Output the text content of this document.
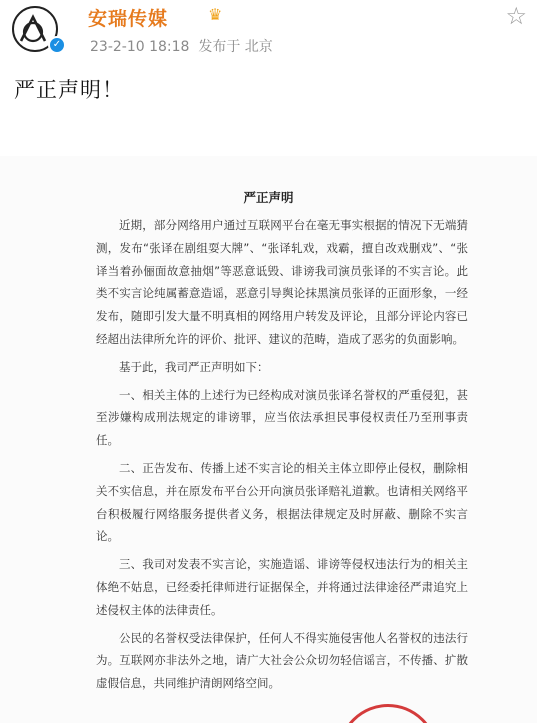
✓
安瑞传媒 ♛
23-2-10 18:18 发布于 北京
☆
严正声明！
严正声明

近期，部分网络用户通过互联网平台在毫无事实根据的情况下无端猜测，发布“张译在剧组耍大牌”、“张译轧戏，戏霸，擅自改戏删戏”、“张译当着孙俪面故意抽烟”等恶意诋毁、诽谤我司演员张译的不实言论。此类不实言论纯属蓄意造谣，恶意引导舆论抹黑演员张译的正面形象，一经发布，随即引发大量不明真相的网络用户转发及评论，且部分评论内容已经超出法律所允许的评价、批评、建议的范畴，造成了恶劣的负面影响。

基于此，我司严正声明如下：

一、相关主体的上述行为已经构成对演员张译名誉权的严重侵犯，甚至涉嫌构成刑法规定的诽谤罪，应当依法承担民事侵权责任乃至刑事责任。

二、正告发布、传播上述不实言论的相关主体立即停止侵权，删除相关不实信息，并在原发布平台公开向演员张译赔礼道歉。也请相关网络平台积极履行网络服务提供者义务，根据法律规定及时屏蔽、删除不实言论。

三、我司对发表不实言论，实施造谣、诽谤等侵权违法行为的相关主体绝不姑息，已经委托律师进行证据保全，并将通过法律途径严肃追究上述侵权主体的法律责任。

公民的名誉权受法律保护，任何人不得实施侵害他人名誉权的违法行为。互联网亦非法外之地，请广大社会公众切勿轻信谣言，不传播、扩散虚假信息，共同维护清朗网络空间。
